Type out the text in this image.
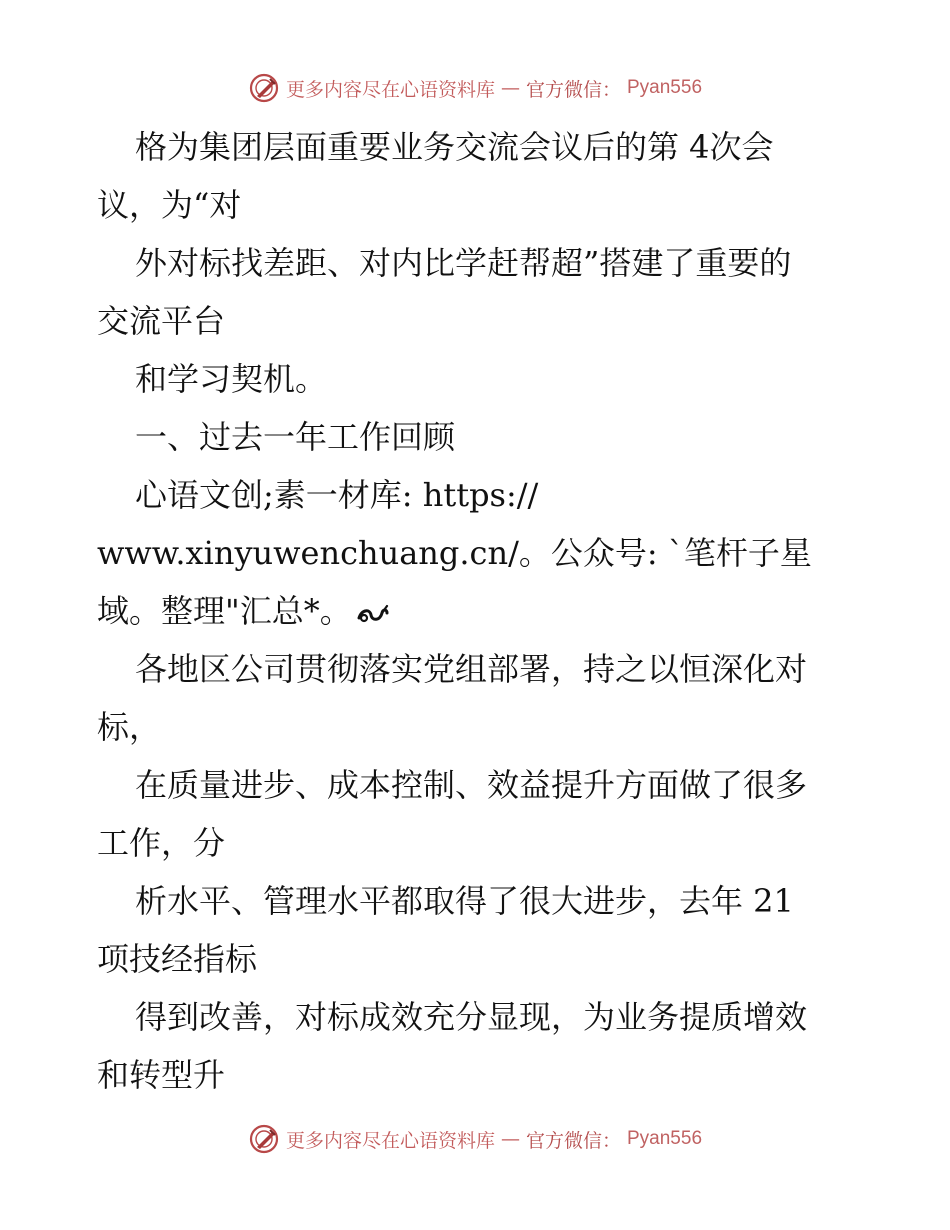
更多内容尽在心语资料库 — 官方微信： Pyan556
格为集团层面重要业务交流会议后的第 4次会
议，为“对
外对标找差距、对内比学赶帮超”搭建了重要的
交流平台
和学习契机。
一、过去一年工作回顾
心语文创;素一材库: https://
www.xinyuwenchuang.cn/。公众号: `笔杆子星
域。整理"汇总*。
各地区公司贯彻落实党组部署，持之以恒深化对
标，
在质量进步、成本控制、效益提升方面做了很多
工作，分
析水平、管理水平都取得了很大进步，去年 21
项技经指标
得到改善，对标成效充分显现，为业务提质增效
和转型升
更多内容尽在心语资料库 — 官方微信： Pyan556
